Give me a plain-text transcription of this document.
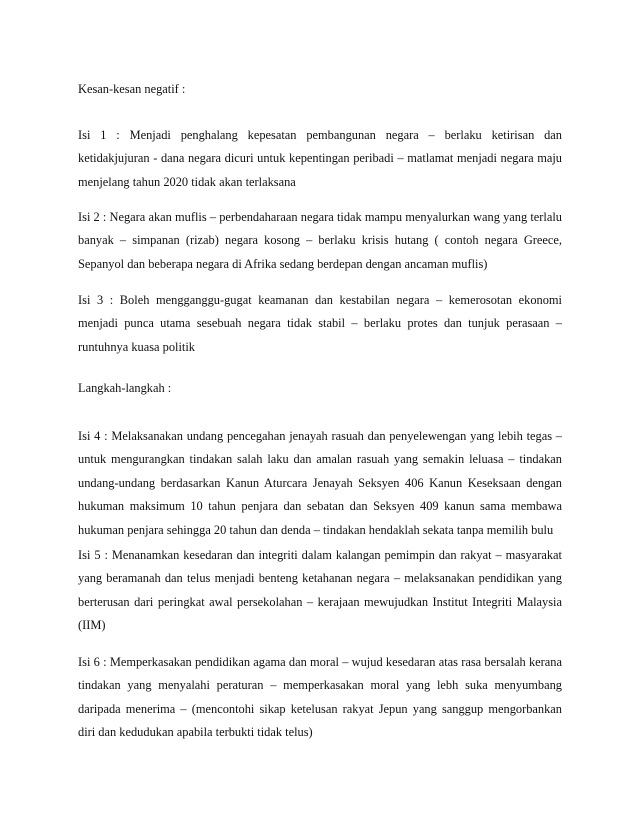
Kesan-kesan negatif :

Isi 1 : Menjadi penghalang kepesatan pembangunan negara – berlaku ketirisan dan
ketidakjujuran - dana negara dicuri untuk kepentingan peribadi – matlamat menjadi negara maju
menjelang tahun 2020 tidak akan terlaksana
Isi 2 : Negara akan muflis – perbendaharaan negara tidak mampu menyalurkan wang yang terlalu
banyak – simpanan (rizab) negara kosong – berlaku krisis hutang ( contoh negara Greece,
Sepanyol dan beberapa negara di Afrika sedang berdepan dengan ancaman muflis)
Isi 3 : Boleh mengganggu-gugat keamanan dan kestabilan negara – kemerosotan ekonomi
menjadi punca utama sesebuah negara tidak stabil – berlaku protes dan tunjuk perasaan –
runtuhnya kuasa politik

Langkah-langkah :

Isi 4 : Melaksanakan undang pencegahan jenayah rasuah dan penyelewengan yang lebih tegas –
untuk mengurangkan tindakan salah laku dan amalan rasuah yang semakin leluasa – tindakan
undang-undang berdasarkan Kanun Aturcara Jenayah Seksyen 406 Kanun Keseksaan dengan
hukuman maksimum 10 tahun penjara dan sebatan dan Seksyen 409 kanun sama membawa
hukuman penjara sehingga 20 tahun dan denda – tindakan hendaklah sekata tanpa memilih bulu
Isi 5 : Menanamkan kesedaran dan integriti dalam kalangan pemimpin dan rakyat – masyarakat
yang beramanah dan telus menjadi benteng ketahanan negara – melaksanakan pendidikan yang
berterusan dari peringkat awal persekolahan – kerajaan mewujudkan Institut Integriti Malaysia
(IIM)
Isi 6 : Memperkasakan pendidikan agama dan moral – wujud kesedaran atas rasa bersalah kerana
tindakan yang menyalahi peraturan – memperkasakan moral yang lebh suka menyumbang
daripada menerima – (mencontohi sikap ketelusan rakyat Jepun yang sanggup mengorbankan
diri dan kedudukan apabila terbukti tidak telus)
